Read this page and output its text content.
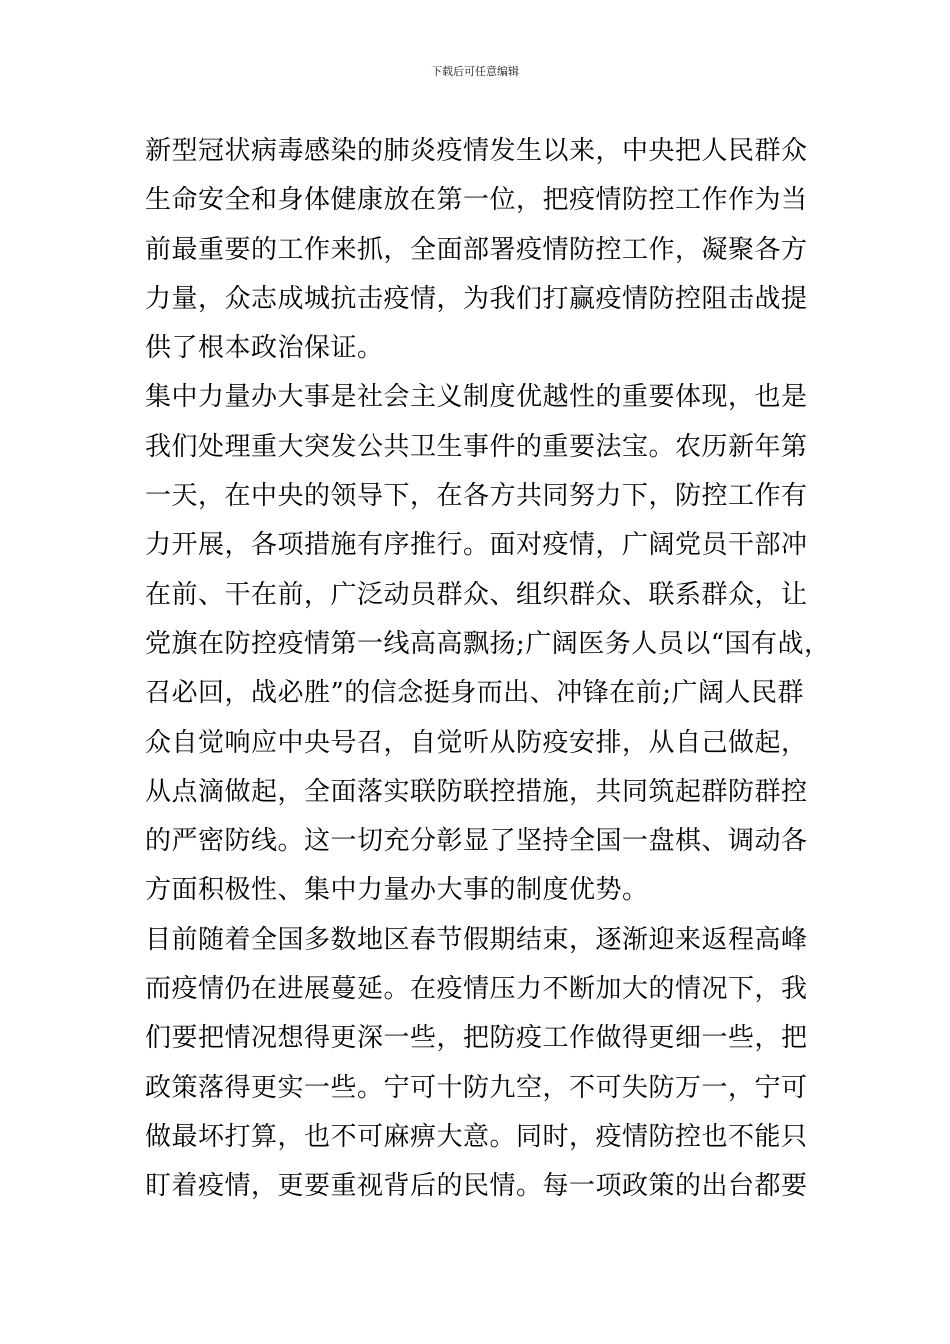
下载后可任意编辑
新型冠状病毒感染的肺炎疫情发生以来，中央把人民群众
生命安全和身体健康放在第一位，把疫情防控工作作为当
前最重要的工作来抓，全面部署疫情防控工作，凝聚各方
力量，众志成城抗击疫情，为我们打赢疫情防控阻击战提
供了根本政治保证。
集中力量办大事是社会主义制度优越性的重要体现，也是
我们处理重大突发公共卫生事件的重要法宝。农历新年第
一天，在中央的领导下，在各方共同努力下，防控工作有
力开展，各项措施有序推行。面对疫情，广阔党员干部冲
在前、干在前，广泛动员群众、组织群众、联系群众，让
党旗在防控疫情第一线高高飘扬;广阔医务人员以“国有战，
召必回，战必胜”的信念挺身而出、冲锋在前;广阔人民群
众自觉响应中央号召，自觉听从防疫安排，从自己做起，
从点滴做起，全面落实联防联控措施，共同筑起群防群控
的严密防线。这一切充分彰显了坚持全国一盘棋、调动各
方面积极性、集中力量办大事的制度优势。
目前随着全国多数地区春节假期结束，逐渐迎来返程高峰
而疫情仍在进展蔓延。在疫情压力不断加大的情况下，我
们要把情况想得更深一些，把防疫工作做得更细一些，把
政策落得更实一些。宁可十防九空，不可失防万一，宁可
做最坏打算，也不可麻痹大意。同时，疫情防控也不能只
盯着疫情，更要重视背后的民情。每一项政策的出台都要
